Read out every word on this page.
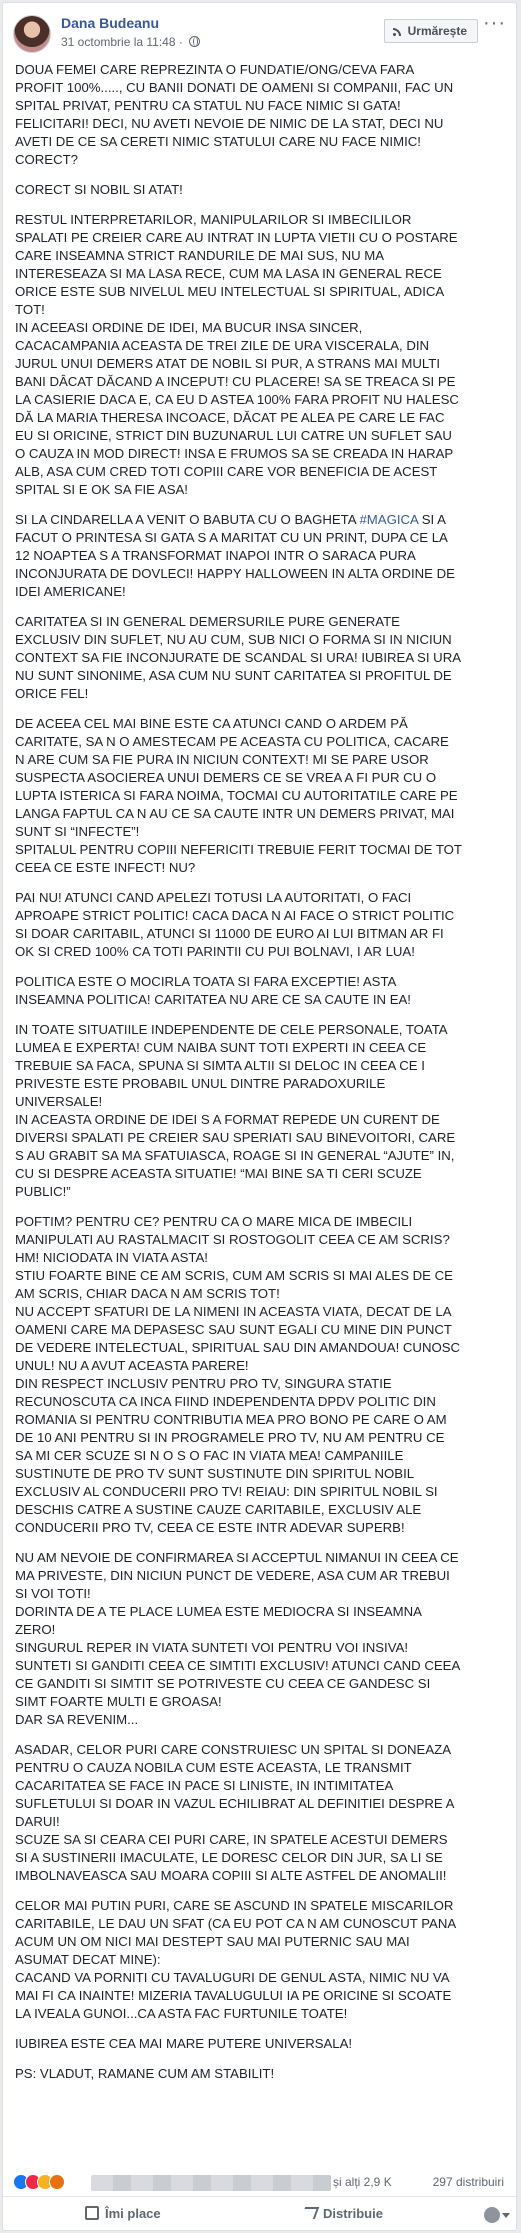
Dana Budeanu
31 octombrie la 11:48 ·
Urmărește ···

DOUA FEMEI CARE REPREZINTA O FUNDATIE/ONG/CEVA FARA
PROFIT 100%....., CU BANII DONATI DE OAMENI SI COMPANII, FAC UN
SPITAL PRIVAT, PENTRU CA STATUL NU FACE NIMIC SI GATA!
FELICITARI! DECI, NU AVETI NEVOIE DE NIMIC DE LA STAT, DECI NU
AVETI DE CE SA CERETI NIMIC STATULUI CARE NU FACE NIMIC!
CORECT?

CORECT SI NOBIL SI ATAT!

RESTUL INTERPRETARILOR, MANIPULARILOR SI IMBECILILOR
SPALATI PE CREIER CARE AU INTRAT IN LUPTA VIETII CU O POSTARE
CARE INSEAMNA STRICT RANDURILE DE MAI SUS, NU MA
INTERESEAZA SI MA LASA RECE, CUM MA LASA IN GENERAL RECE
ORICE ESTE SUB NIVELUL MEU INTELECTUAL SI SPIRITUAL, ADICA
TOT!
IN ACEEASI ORDINE DE IDEI, MA BUCUR INSA SINCER,
CACACAMPANIA ACEASTA DE TREI ZILE DE URA VISCERALA, DIN
JURUL UNUI DEMERS ATAT DE NOBIL SI PUR, A STRANS MAI MULTI
BANI DÂCAT DĂCAND A INCEPUT! CU PLACERE! SA SE TREACA SI PE
LA CASIERIE DACA E, CA EU D ASTEA 100% FARA PROFIT NU HALESC
DĂ LA MARIA THERESA INCOACE, DĂCAT PE ALEA PE CARE LE FAC
EU SI ORICINE, STRICT DIN BUZUNARUL LUI CATRE UN SUFLET SAU
O CAUZA IN MOD DIRECT! INSA E FRUMOS SA SE CREADA IN HARAP
ALB, ASA CUM CRED TOTI COPIII CARE VOR BENEFICIA DE ACEST
SPITAL SI E OK SA FIE ASA!

SI LA CINDARELLA A VENIT O BABUTA CU O BAGHETA #MAGICA SI A
FACUT O PRINTESA SI GATA S A MARITAT CU UN PRINT, DUPA CE LA
12 NOAPTEA S A TRANSFORMAT INAPOI INTR O SARACA PURA
INCONJURATA DE DOVLECI! HAPPY HALLOWEEN IN ALTA ORDINE DE
IDEI AMERICANE!

CARITATEA SI IN GENERAL DEMERSURILE PURE GENERATE
EXCLUSIV DIN SUFLET, NU AU CUM, SUB NICI O FORMA SI IN NICIUN
CONTEXT SA FIE INCONJURATE DE SCANDAL SI URA! IUBIREA SI URA
NU SUNT SINONIME, ASA CUM NU SUNT CARITATEA SI PROFITUL DE
ORICE FEL!

DE ACEEA CEL MAI BINE ESTE CA ATUNCI CAND O ARDEM PĂ
CARITATE, SA N O AMESTECAM PE ACEASTA CU POLITICA, CACARE
N ARE CUM SA FIE PURA IN NICIUN CONTEXT! MI SE PARE USOR
SUSPECTA ASOCIEREA UNUI DEMERS CE SE VREA A FI PUR CU O
LUPTA ISTERICA SI FARA NOIMA, TOCMAI CU AUTORITATILE CARE PE
LANGA FAPTUL CA N AU CE SA CAUTE INTR UN DEMERS PRIVAT, MAI
SUNT SI “INFECTE”!
SPITALUL PENTRU COPIII NEFERICITI TREBUIE FERIT TOCMAI DE TOT
CEEA CE ESTE INFECT! NU?

PAI NU! ATUNCI CAND APELEZI TOTUSI LA AUTORITATI, O FACI
APROAPE STRICT POLITIC! CACA DACA N AI FACE O STRICT POLITIC
SI DOAR CARITABIL, ATUNCI SI 11000 DE EURO AI LUI BITMAN AR FI
OK SI CRED 100% CA TOTI PARINTII CU PUI BOLNAVI, I AR LUA!

POLITICA ESTE O MOCIRLA TOATA SI FARA EXCEPTIE! ASTA
INSEAMNA POLITICA! CARITATEA NU ARE CE SA CAUTE IN EA!

IN TOATE SITUATIILE INDEPENDENTE DE CELE PERSONALE, TOATA
LUMEA E EXPERTA! CUM NAIBA SUNT TOTI EXPERTI IN CEEA CE
TREBUIE SA FACA, SPUNA SI SIMTA ALTII SI DELOC IN CEEA CE I
PRIVESTE ESTE PROBABIL UNUL DINTRE PARADOXURILE
UNIVERSALE!
IN ACEASTA ORDINE DE IDEI S A FORMAT REPEDE UN CURENT DE
DIVERSI SPALATI PE CREIER SAU SPERIATI SAU BINEVOITORI, CARE
S AU GRABIT SA MA SFATUIASCA, ROAGE SI IN GENERAL “AJUTE” IN,
CU SI DESPRE ACEASTA SITUATIE! “MAI BINE SA TI CERI SCUZE
PUBLIC!”

POFTIM? PENTRU CE? PENTRU CA O MARE MICA DE IMBECILI
MANIPULATI AU RASTALMACIT SI ROSTOGOLIT CEEA CE AM SCRIS?
HM! NICIODATA IN VIATA ASTA!
STIU FOARTE BINE CE AM SCRIS, CUM AM SCRIS SI MAI ALES DE CE
AM SCRIS, CHIAR DACA N AM SCRIS TOT!
NU ACCEPT SFATURI DE LA NIMENI IN ACEASTA VIATA, DECAT DE LA
OAMENI CARE MA DEPASESC SAU SUNT EGALI CU MINE DIN PUNCT
DE VEDERE INTELECTUAL, SPIRITUAL SAU DIN AMANDOUA! CUNOSC
UNUL! NU A AVUT ACEASTA PARERE!
DIN RESPECT INCLUSIV PENTRU PRO TV, SINGURA STATIE
RECUNOSCUTA CA INCA FIIND INDEPENDENTA DPDV POLITIC DIN
ROMANIA SI PENTRU CONTRIBUTIA MEA PRO BONO PE CARE O AM
DE 10 ANI PENTRU SI IN PROGRAMELE PRO TV, NU AM PENTRU CE
SA MI CER SCUZE SI N O S O FAC IN VIATA MEA! CAMPANIILE
SUSTINUTE DE PRO TV SUNT SUSTINUTE DIN SPIRITUL NOBIL
EXCLUSIV AL CONDUCERII PRO TV! REIAU: DIN SPIRITUL NOBIL SI
DESCHIS CATRE A SUSTINE CAUZE CARITABILE, EXCLUSIV ALE
CONDUCERII PRO TV, CEEA CE ESTE INTR ADEVAR SUPERB!

NU AM NEVOIE DE CONFIRMAREA SI ACCEPTUL NIMANUI IN CEEA CE
MA PRIVESTE, DIN NICIUN PUNCT DE VEDERE, ASA CUM AR TREBUI
SI VOI TOTI!
DORINTA DE A TE PLACE LUMEA ESTE MEDIOCRA SI INSEAMNA
ZERO!
SINGURUL REPER IN VIATA SUNTETI VOI PENTRU VOI INSIVA!
SUNTETI SI GANDITI CEEA CE SIMTITI EXCLUSIV! ATUNCI CAND CEEA
CE GANDITI SI SIMTIT SE POTRIVESTE CU CEEA CE GANDESC SI
SIMT FOARTE MULTI E GROASA!
DAR SA REVENIM...

ASADAR, CELOR PURI CARE CONSTRUIESC UN SPITAL SI DONEAZA
PENTRU O CAUZA NOBILA CUM ESTE ACEASTA, LE TRANSMIT
CACARITATEA SE FACE IN PACE SI LINISTE, IN INTIMITATEA
SUFLETULUI SI DOAR IN VAZUL ECHILIBRAT AL DEFINITIEI DESPRE A
DARUI!
SCUZE SA SI CEARA CEI PURI CARE, IN SPATELE ACESTUI DEMERS
SI A SUSTINERII IMACULATE, LE DORESC CELOR DIN JUR, SA LI SE
IMBOLNAVEASCA SAU MOARA COPIII SI ALTE ASTFEL DE ANOMALII!

CELOR MAI PUTIN PURI, CARE SE ASCUND IN SPATELE MISCARILOR
CARITABILE, LE DAU UN SFAT (CA EU POT CA N AM CUNOSCUT PANA
ACUM UN OM NICI MAI DESTEPT SAU MAI PUTERNIC SAU MAI
ASUMAT DECAT MINE):
CACAND VA PORNITI CU TAVALUGURI DE GENUL ASTA, NIMIC NU VA
MAI FI CA INAINTE! MIZERIA TAVALUGULUI IA PE ORICINE SI SCOATE
LA IVEALA GUNOI...CA ASTA FAC FURTUNILE TOATE!

IUBIREA ESTE CEA MAI MARE PUTERE UNIVERSALA!

PS: VLADUT, RAMANE CUM AM STABILIT!

și alți 2,9 K	297 distribuiri
Îmi place	Distribuie
